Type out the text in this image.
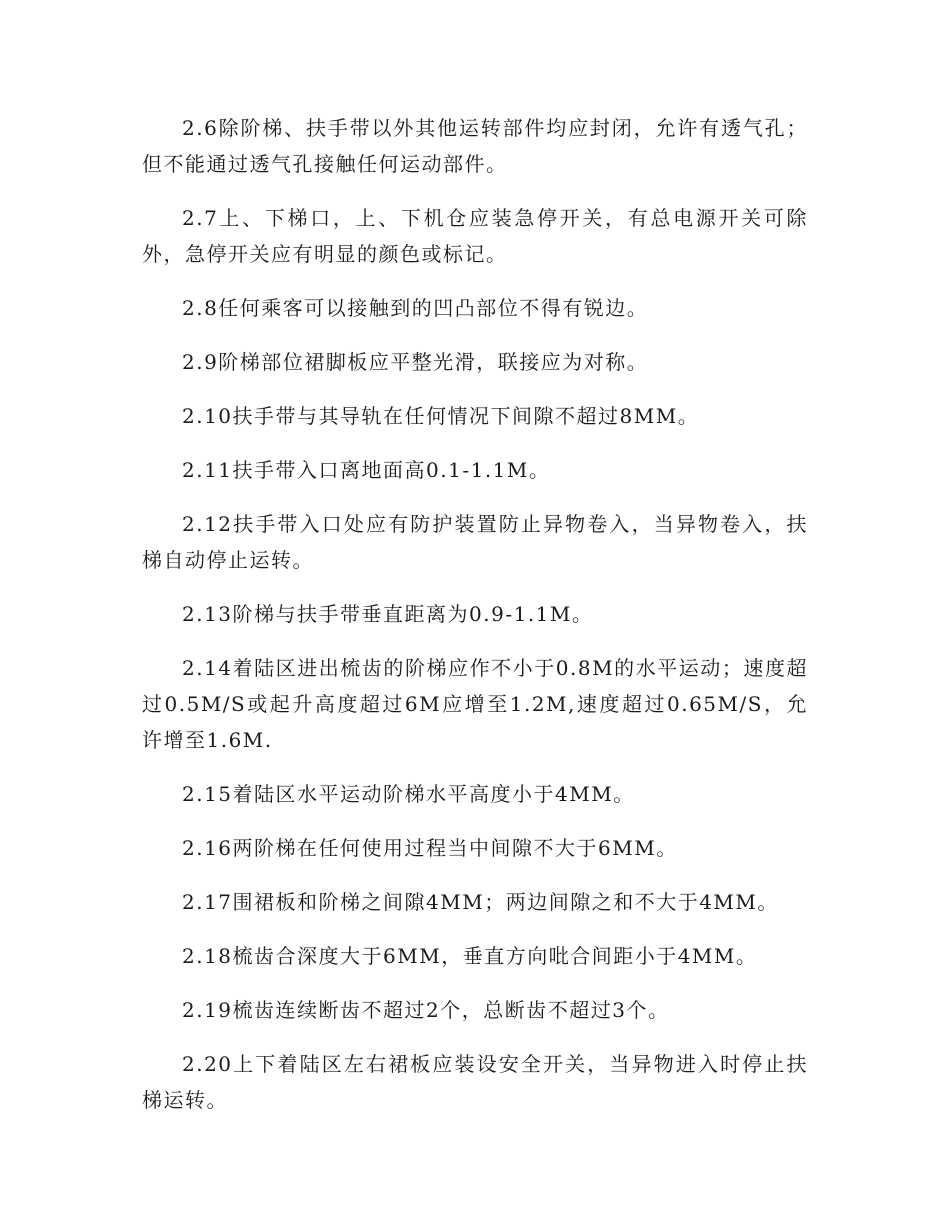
2.6除阶梯、扶手带以外其他运转部件均应封闭，允许有透气孔；但不能通过透气孔接触任何运动部件。

2.7上、下梯口，上、下机仓应装急停开关，有总电源开关可除外，急停开关应有明显的颜色或标记。

2.8任何乘客可以接触到的凹凸部位不得有锐边。

2.9阶梯部位裙脚板应平整光滑，联接应为对称。

2.10扶手带与其导轨在任何情况下间隙不超过8MM。

2.11扶手带入口离地面高0.1-1.1M。

2.12扶手带入口处应有防护装置防止异物卷入，当异物卷入，扶梯自动停止运转。

2.13阶梯与扶手带垂直距离为0.9-1.1M。

2.14着陆区进出梳齿的阶梯应作不小于0.8M的水平运动；速度超过0.5M/S或起升高度超过6M应增至1.2M,速度超过0.65M/S，允许增至1.6M.

2.15着陆区水平运动阶梯水平高度小于4MM。

2.16两阶梯在任何使用过程当中间隙不大于6MM。

2.17围裙板和阶梯之间隙4MM；两边间隙之和不大于4MM。

2.18梳齿合深度大于6MM，垂直方向吡合间距小于4MM。

2.19梳齿连续断齿不超过2个，总断齿不超过3个。

2.20上下着陆区左右裙板应装设安全开关，当异物进入时停止扶梯运转。
